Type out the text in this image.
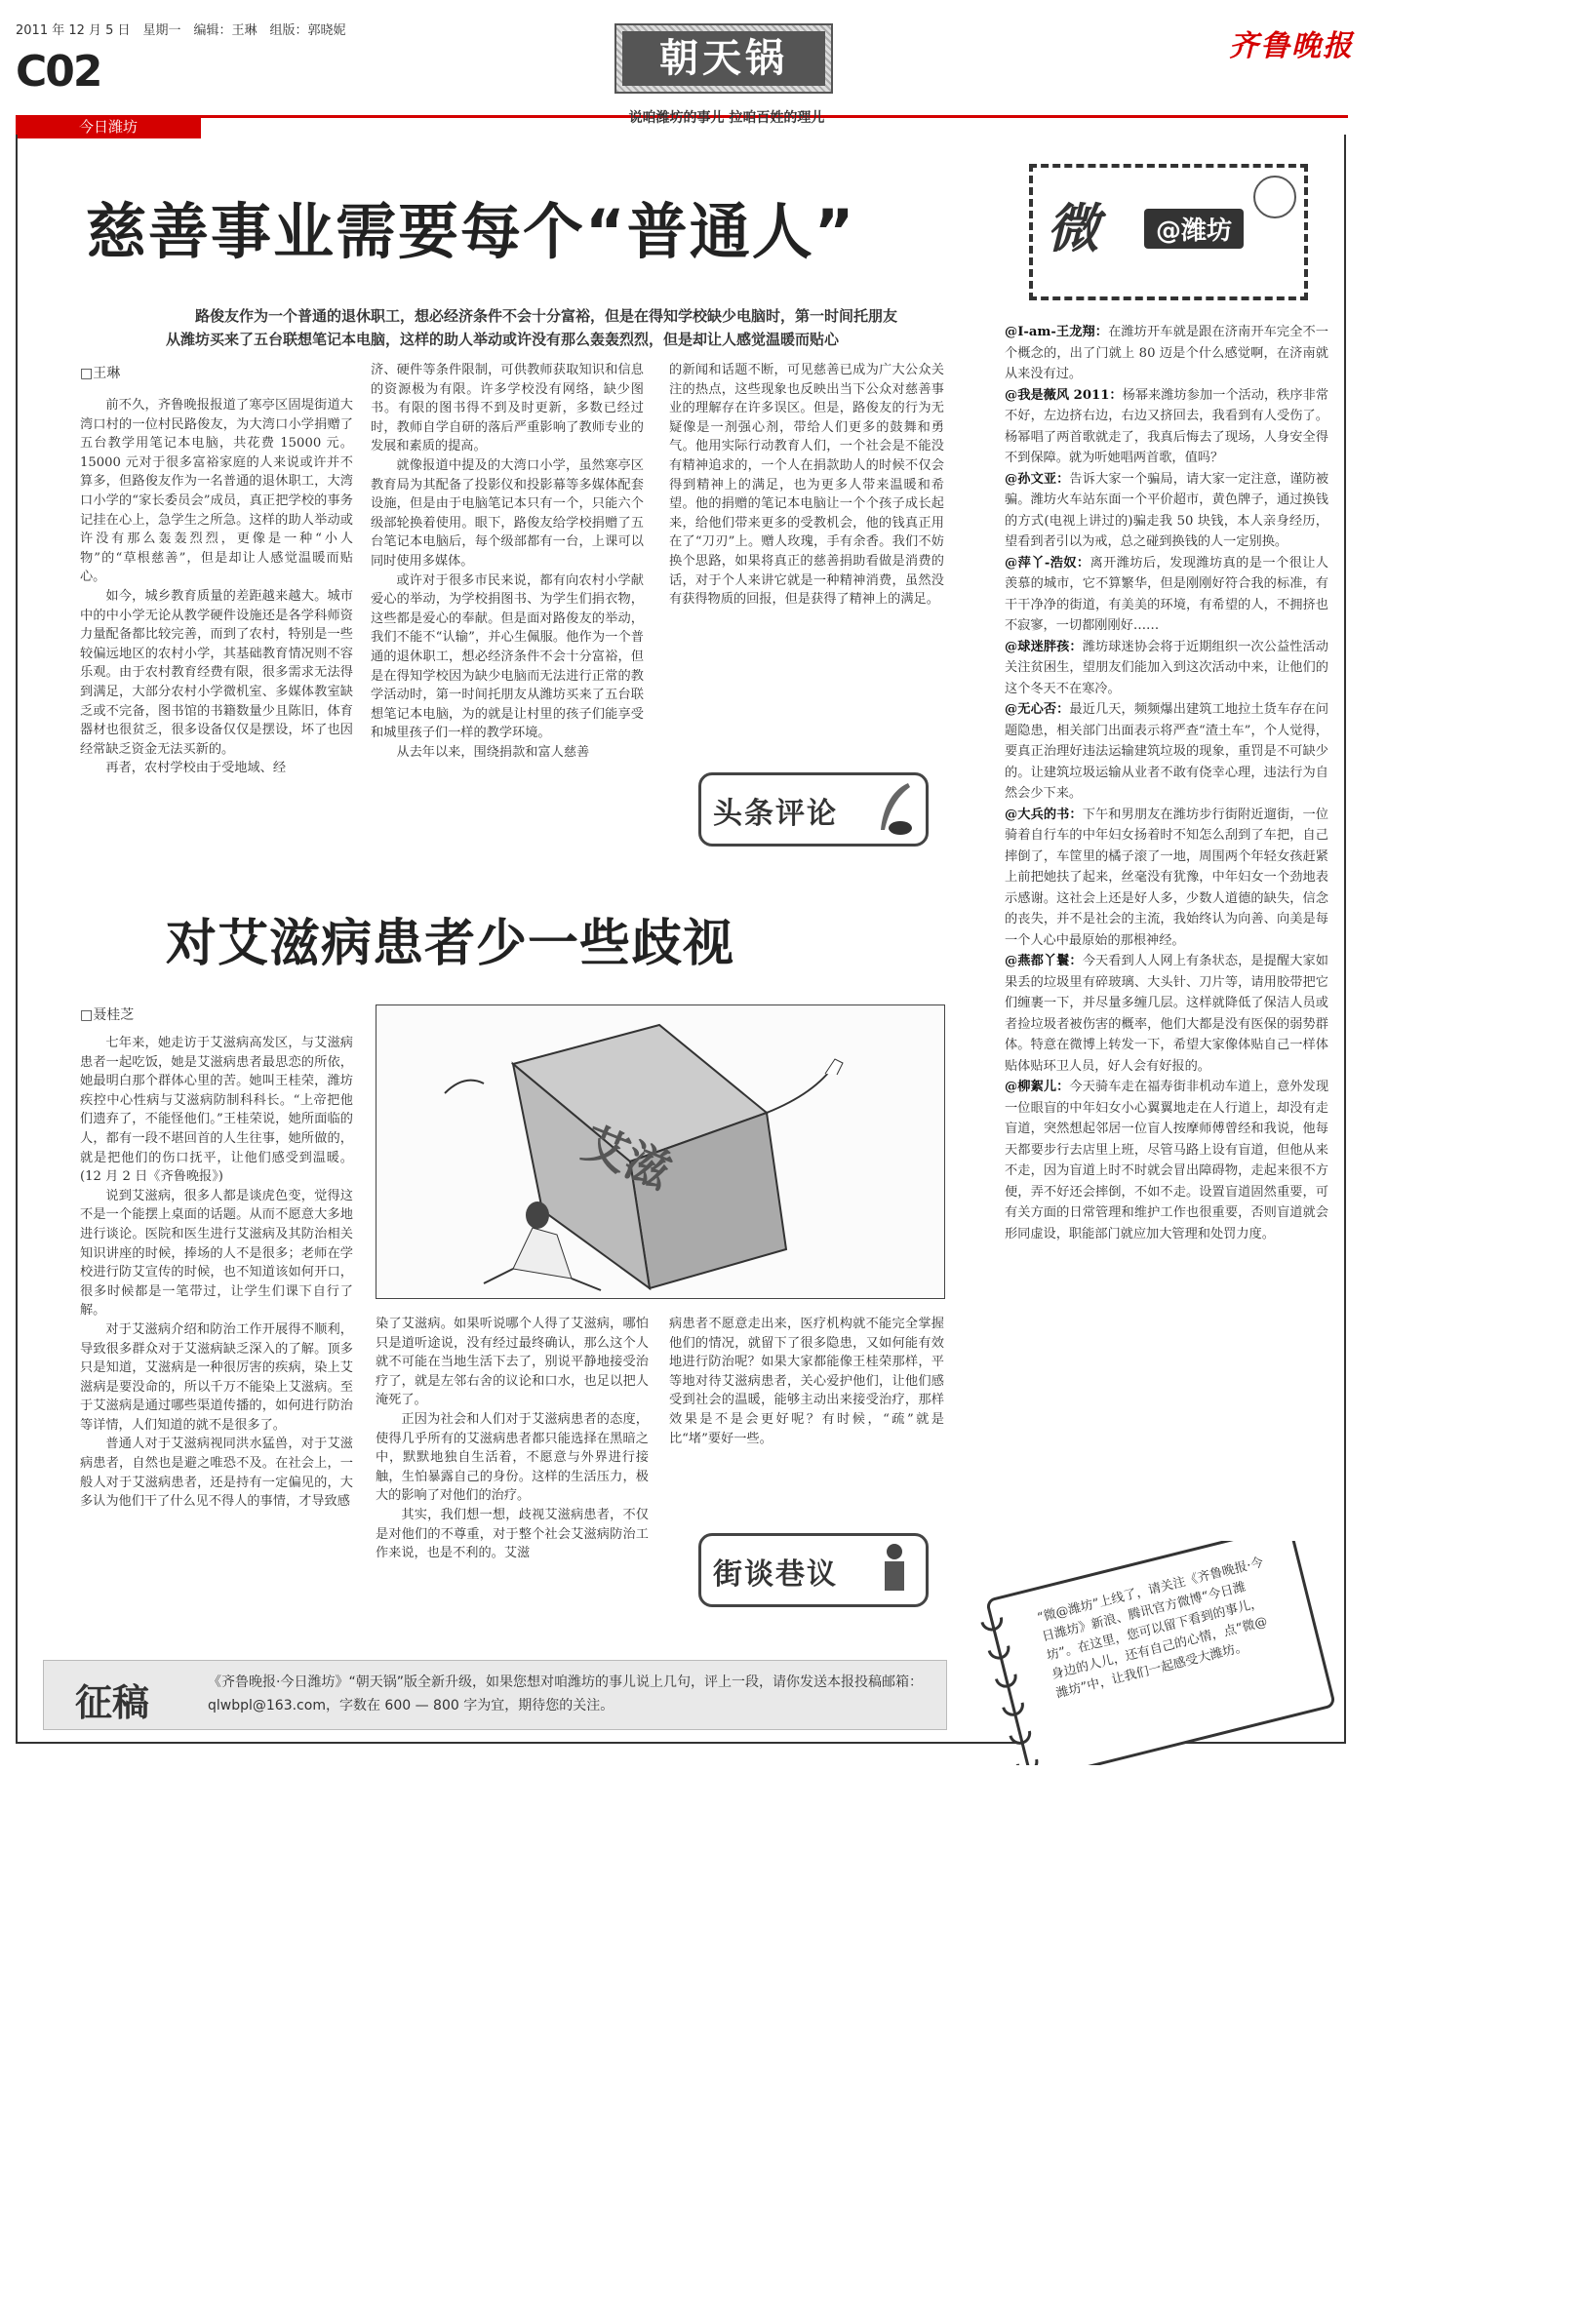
2011 年 12 月 5 日　星期一　编辑：王琳　组版：郭晓妮
C02
今日潍坊
朝天锅
说咱潍坊的事儿 拉咱百姓的理儿
齐鲁晚报
慈善事业需要每个“普通人”
路俊友作为一个普通的退休职工，想必经济条件不会十分富裕，但是在得知学校缺少电脑时，第一时间托朋友从潍坊买来了五台联想笔记本电脑，这样的助人举动或许没有那么轰轰烈烈，但是却让人感觉温暖而贴心
□王琳

前不久，齐鲁晚报报道了寒亭区固堤街道大湾口村的一位村民路俊友，为大湾口小学捐赠了五台教学用笔记本电脑，共花费 15000 元。15000 元对于很多富裕家庭的人来说或许并不算多，但路俊友作为一名普通的退休职工，大湾口小学的“家长委员会”成员，真正把学校的事务记挂在心上，急学生之所急。这样的助人举动或许没有那么轰轰烈烈，更像是一种“小人物”的“草根慈善”，但是却让人感觉温暖而贴心。

如今，城乡教育质量的差距越来越大。城市中的中小学无论从教学硬件设施还是各学科师资力量配备都比较完善，而到了农村，特别是一些较偏远地区的农村小学，其基础教育情况则不容乐观。由于农村教育经费有限，很多需求无法得到满足，大部分农村小学微机室、多媒体教室缺乏或不完备，图书馆的书籍数量少且陈旧，体育器材也很贫乏，很多设备仅仅是摆设，坏了也因经常缺乏资金无法买新的。

再者，农村学校由于受地域、经

济、硬件等条件限制，可供教师获取知识和信息的资源极为有限。许多学校没有网络，缺少图书。有限的图书得不到及时更新，多数已经过时，教师自学自研的落后严重影响了教师专业的发展和素质的提高。

就像报道中提及的大湾口小学，虽然寒亭区教育局为其配备了投影仪和投影幕等多媒体配套设施，但是由于电脑笔记本只有一个，只能六个级部轮换着使用。眼下，路俊友给学校捐赠了五台笔记本电脑后，每个级部都有一台，上课可以同时使用多媒体。

或许对于很多市民来说，都有向农村小学献爱心的举动，为学校捐图书、为学生们捐衣物，这些都是爱心的奉献。但是面对路俊友的举动，我们不能不“认输”，并心生佩服。他作为一个普通的退休职工，想必经济条件不会十分富裕，但是在得知学校因为缺少电脑而无法进行正常的教学活动时，第一时间托朋友从潍坊买来了五台联想笔记本电脑，为的就是让村里的孩子们能享受和城里孩子们一样的教学环境。

从去年以来，围绕捐款和富人慈善

的新闻和话题不断，可见慈善已成为广大公众关注的热点，这些现象也反映出当下公众对慈善事业的理解存在许多误区。但是，路俊友的行为无疑像是一剂强心剂，带给人们更多的鼓舞和勇气。他用实际行动教育人们，一个社会是不能没有精神追求的，一个人在捐款助人的时候不仅会得到精神上的满足，也为更多人带来温暖和希望。他的捐赠的笔记本电脑让一个个孩子成长起来，给他们带来更多的受教机会，他的钱真正用在了“刀刃”上。赠人玫瑰，手有余香。我们不妨换个思路，如果将真正的慈善捐助看做是消费的话，对于个人来讲它就是一种精神消费，虽然没有获得物质的回报，但是获得了精神上的满足。

头条评论
对艾滋病患者少一些歧视
□聂桂芝
艾滋

七年来，她走访于艾滋病高发区，与艾滋病患者一起吃饭，她是艾滋病患者最思恋的所依，她最明白那个群体心里的苦。她叫王桂荣，潍坊疾控中心性病与艾滋病防制科科长。“上帝把他们遗弃了，不能怪他们。”王桂荣说，她所面临的人，都有一段不堪回首的人生往事，她所做的，就是把他们的伤口抚平，让他们感受到温暖。(12 月 2 日《齐鲁晚报》)

说到艾滋病，很多人都是谈虎色变，觉得这不是一个能摆上桌面的话题。从而不愿意大多地进行谈论。医院和医生进行艾滋病及其防治相关知识讲座的时候，捧场的人不是很多；老师在学校进行防艾宣传的时候，也不知道该如何开口，很多时候都是一笔带过，让学生们课下自行了解。

对于艾滋病介绍和防治工作开展得不顺利，导致很多群众对于艾滋病缺乏深入的了解。顶多只是知道，艾滋病是一种很厉害的疾病，染上艾滋病是要没命的，所以千万不能染上艾滋病。至于艾滋病是通过哪些渠道传播的，如何进行防治等详情，人们知道的就不是很多了。

普通人对于艾滋病视同洪水猛兽，对于艾滋病患者，自然也是避之唯恐不及。在社会上，一般人对于艾滋病患者，还是持有一定偏见的，大多认为他们干了什么见不得人的事情，才导致感

染了艾滋病。如果听说哪个人得了艾滋病，哪怕只是道听途说，没有经过最终确认，那么这个人就不可能在当地生活下去了，别说平静地接受治疗了，就是左邻右舍的议论和口水，也足以把人淹死了。

正因为社会和人们对于艾滋病患者的态度，使得几乎所有的艾滋病患者都只能选择在黑暗之中，默默地独自生活着，不愿意与外界进行接触，生怕暴露自己的身份。这样的生活压力，极大的影响了对他们的治疗。

其实，我们想一想，歧视艾滋病患者，不仅是对他们的不尊重，对于整个社会艾滋病防治工作来说，也是不利的。艾滋

病患者不愿意走出来，医疗机构就不能完全掌握他们的情况，就留下了很多隐患，又如何能有效地进行防治呢？如果大家都能像王桂荣那样，平等地对待艾滋病患者，关心爱护他们，让他们感受到社会的温暖，能够主动出来接受治疗，那样效果是不是会更好呢？有时候，“疏”就是比“堵”要好一些。

街谈巷议
微	@潍坊

@I-am-王龙翔：在潍坊开车就是跟在济南开车完全不一个概念的，出了门就上 80 迈是个什么感觉啊，在济南就从来没有过。

@我是薇风 2011：杨幂来潍坊参加一个活动，秩序非常不好，左边挤右边，右边又挤回去，我看到有人受伤了。杨幂唱了两首歌就走了，我真后悔去了现场，人身安全得不到保障。就为听她唱两首歌，值吗？

@孙文亚：告诉大家一个骗局，请大家一定注意，谨防被骗。潍坊火车站东面一个平价超市，黄色牌子，通过换钱的方式(电视上讲过的)骗走我 50 块钱，本人亲身经历，望看到者引以为戒，总之碰到换钱的人一定别换。

@萍丫-浩奴：离开潍坊后，发现潍坊真的是一个很让人羡慕的城市，它不算繁华，但是刚刚好符合我的标准，有干干净净的街道，有美美的环境，有希望的人，不拥挤也不寂寥，一切都刚刚好……

@球迷胖孩：潍坊球迷协会将于近期组织一次公益性活动关注贫困生，望朋友们能加入到这次活动中来，让他们的这个冬天不在寒冷。

@无心否：最近几天，频频爆出建筑工地拉土货车存在问题隐患，相关部门出面表示将严查“渣土车”，个人觉得，要真正治理好违法运输建筑垃圾的现象，重罚是不可缺少的。让建筑垃圾运输从业者不敢有侥幸心理，违法行为自然会少下来。

@大兵的书：下午和男朋友在潍坊步行街附近遛街，一位骑着自行车的中年妇女扬着时不知怎么刮到了车把，自己摔倒了，车筐里的橘子滚了一地，周围两个年轻女孩赶紧上前把她扶了起来，丝毫没有犹豫，中年妇女一个劲地表示感谢。这社会上还是好人多，少数人道德的缺失，信念的丧失，并不是社会的主流，我始终认为向善、向美是每一个人心中最原始的那根神经。

@燕都丫鬟：今天看到人人网上有条状态，是提醒大家如果丢的垃圾里有碎玻璃、大头针、刀片等，请用胶带把它们缠裹一下，并尽量多缠几层。这样就降低了保洁人员或者捡垃圾者被伤害的概率，他们大都是没有医保的弱势群体。特意在微博上转发一下，希望大家像体贴自己一样体贴体贴环卫人员，好人会有好报的。

@柳絮儿：今天骑车走在福寿街非机动车道上，意外发现一位眼盲的中年妇女小心翼翼地走在人行道上，却没有走盲道，突然想起邻居一位盲人按摩师傅曾经和我说，他每天都要步行去店里上班，尽管马路上设有盲道，但他从来不走，因为盲道上时不时就会冒出障碍物，走起来很不方便，弄不好还会摔倒，不如不走。设置盲道固然重要，可有关方面的日常管理和维护工作也很重要，否则盲道就会形同虚设，职能部门就应加大管理和处罚力度。

“微@潍坊”上线了，请关注《齐鲁晚报·今日潍坊》新浪、腾讯官方微博“今日潍坊”。在这里，您可以留下看到的事儿，身边的人儿，还有自己的心情，点“微@潍坊”中，让我们一起感受大潍坊。
征稿	《齐鲁晚报·今日潍坊》“朝天锅”版全新升级，如果您想对咱潍坊的事儿说上几句，评上一段，请你发送本报投稿邮箱：qlwbpl@163.com，字数在 600 — 800 字为宜，期待您的关注。
